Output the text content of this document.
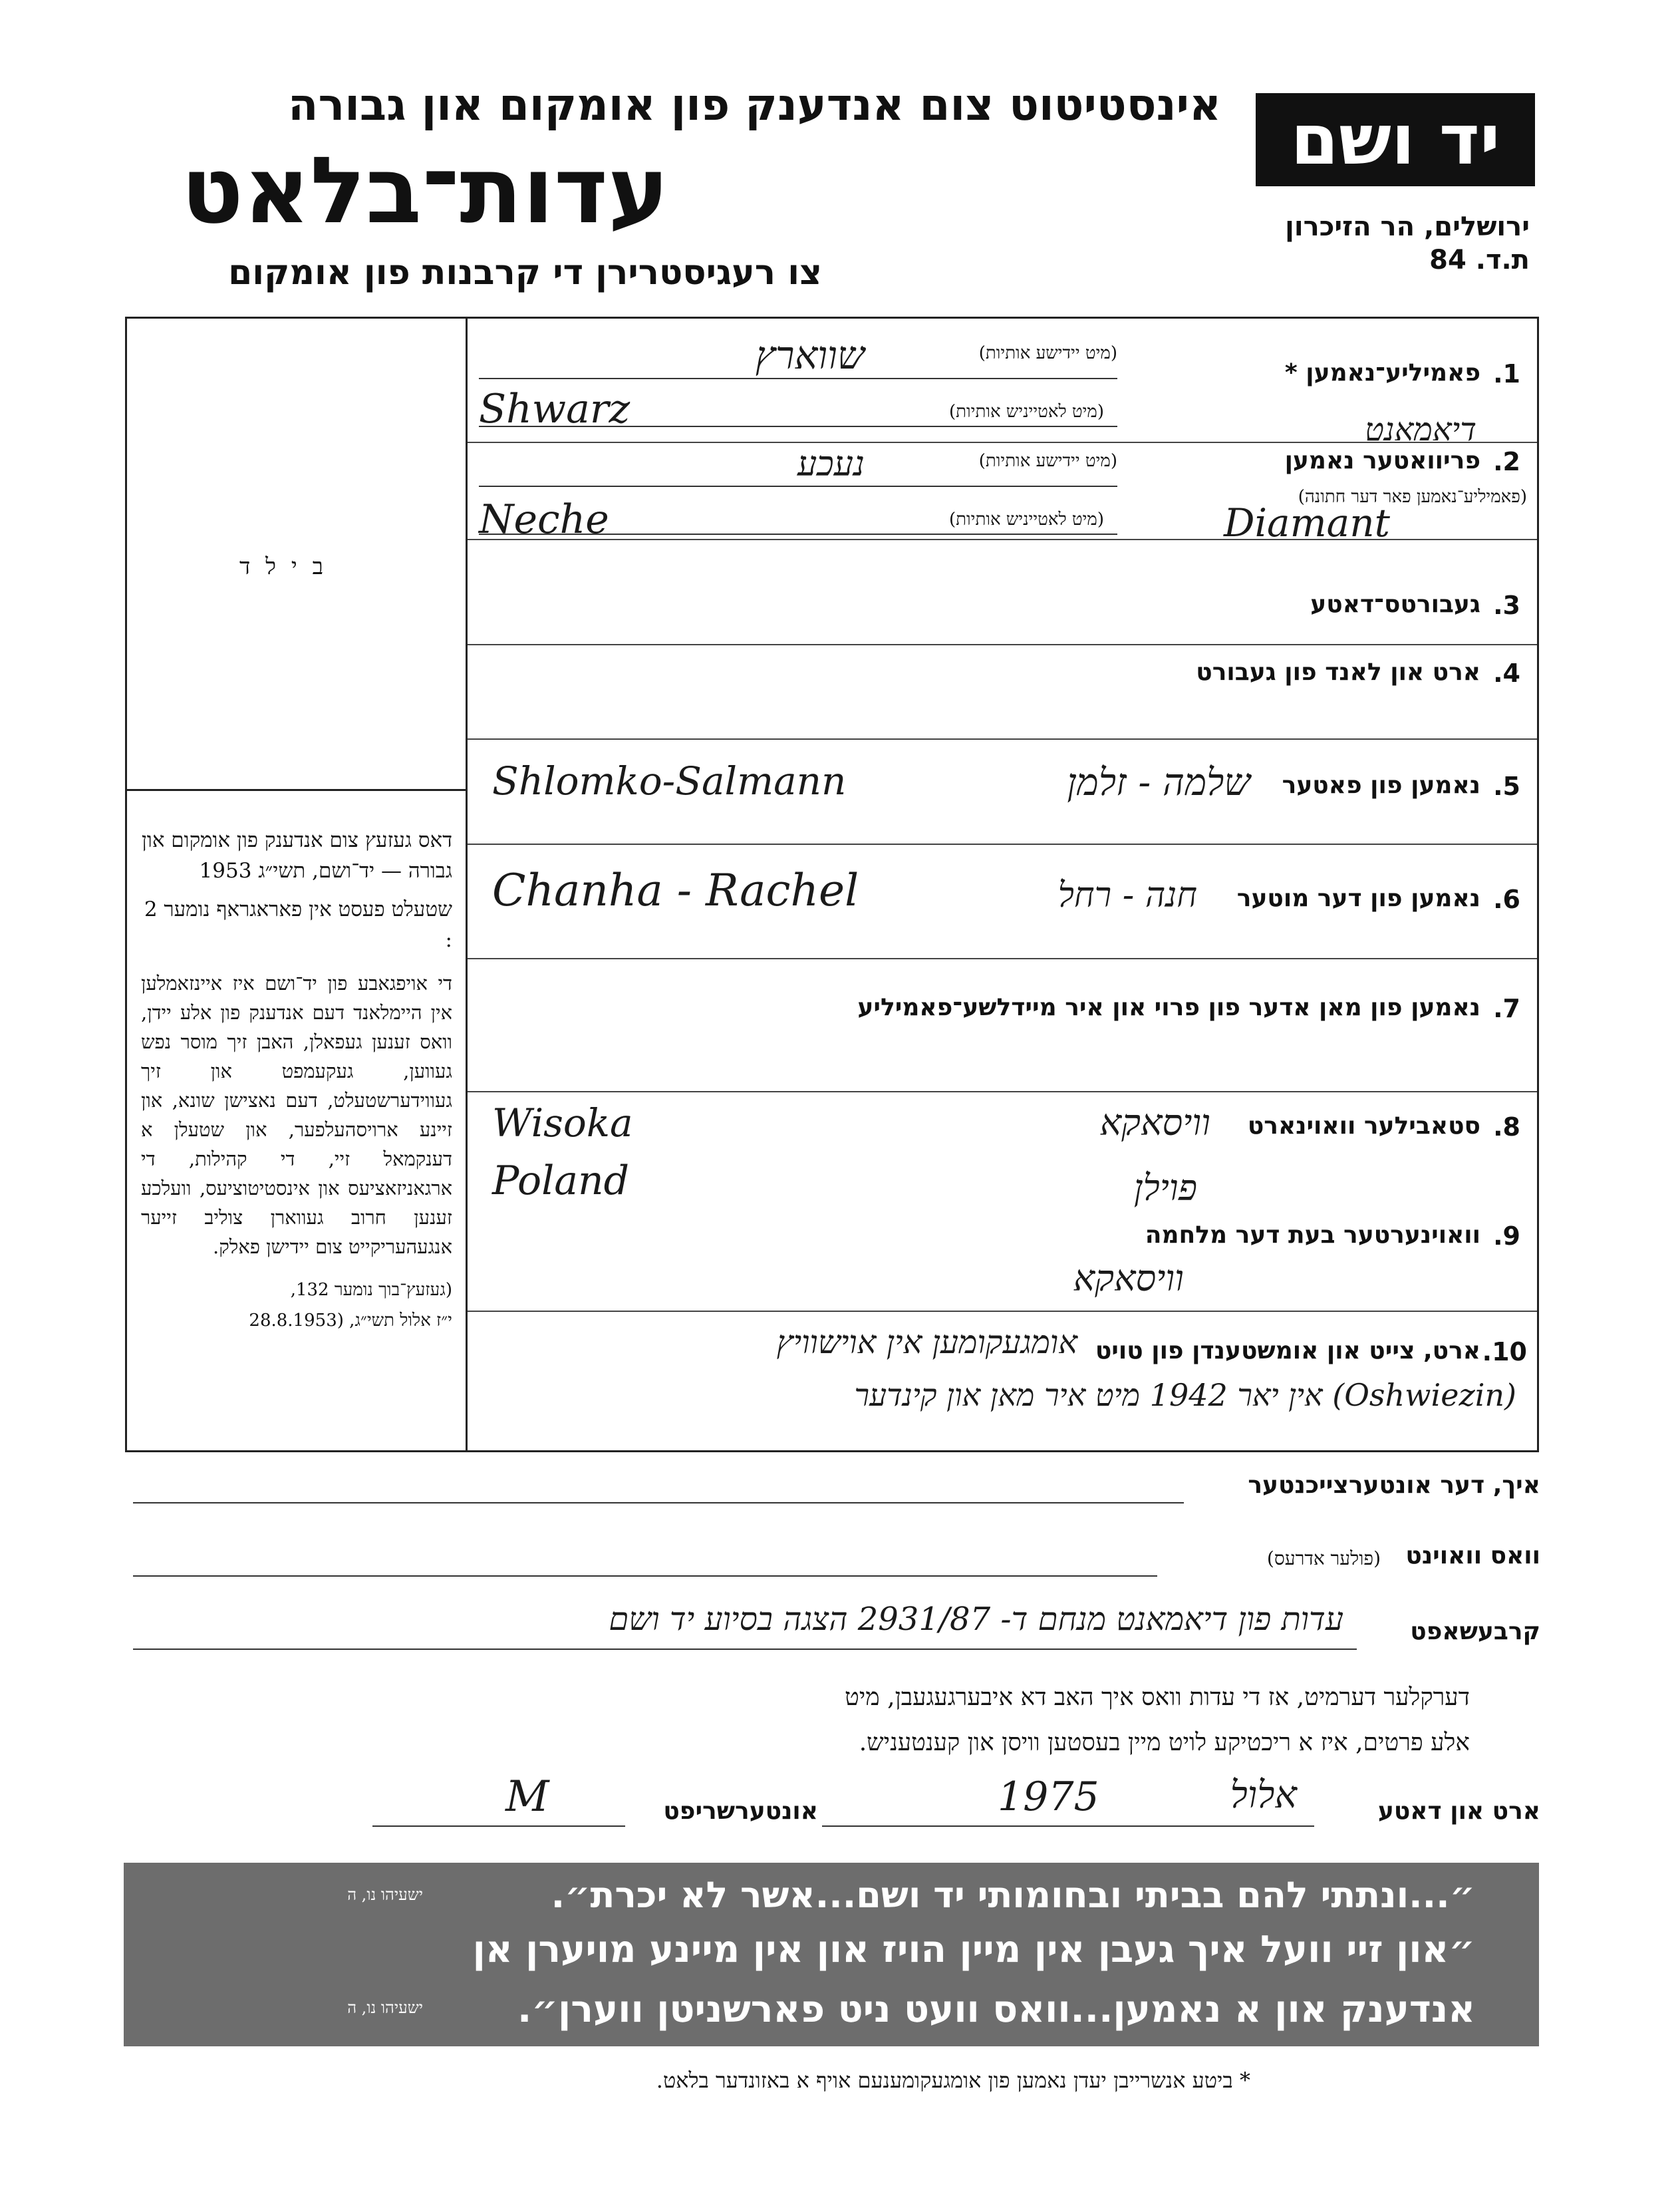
אינסטיטוט צום אנדענק פון אומקום און גבורה
עדות־בלאט
צו רעגיסטרירן די קרבנות פון אומקום
יד ושם
ירושלים, הר הזיכרון
ת.ד. 84
ב י ל ד
דאס געזעץ צום אנדענק פון אומקום און גבורה — יד־ושם, תשי״ג 1953
שטעלט פעסט אין פאראגראף נומער 2 :
די אויפגאבע פון יד־ושם איז איינזאמלען אין היימלאנד דעם אנדענק פון אלע יידן, וואס זענען געפאלן, האבן זיך מוסר נפש געווען, געקעמפט און זיך געווידערשטעלט, דעם נאצישן שונא, און זיינע ארויסהעלפער, און שטעלן א דענקמאל זיי, די קהילות, די ארגאניזאציעס און אינסטיטוציעס, וועלכע זענען חרוב געווארן צוליב זייער אנגעהעריקייט צום יידישן פאלק.
(געזעץ־בוך נומער 132,
י״ז אלול תשי״ג, (28.8.1953
1.
פאמיליע־נאמען *
(מיט יידישע אותיות)
(מיט לאטייניש אותיות)
שווארץ
Shwarz
2.
פריוואטער נאמען
(פאמיליע־נאמען פאר דער חתונה)
דיאמאנט
Diamant
(מיט יידישע אותיות)
(מיט לאטייניש אותיות)
נעכע
Neche
3.
געבורטס־דאטע
4.
ארט און לאנד פון געבורט
5.
נאמען פון פאטער
שלמה - זלמן
Shlomko-Salmann
6.
נאמען פון דער מוטער
חנה - רחל
Chanha - Rachel
7.
נאמען פון מאן אדער פון פרוי און איר מיידלשע־פאמיליע
8.
סטאבילער וואוינארט
וויסאקא
Wisoka
פוילן
Poland
9.
וואוינערטער בעת דער מלחמה
וויסאקא
10.
ארט, צייט און אומשטענדן פון טויט
אומגעקומען אין אוישוויץ
(Oshwiezin) אין יאר 1942 מיט איר מאן און קינדער
איך, דער אונטערצייכנטער
וואס וואוינט
(פולער אדרעס)
קרבעשאפט
עדות פון דיאמאנט מנחם ד- 2931/87 הצגה בסיוע יד ושם
דערקלער דערמיט, אז די עדות וואס איך האב דא איבערגעגעבן, מיט
אלע פרטים, איז א ריכטיקע לויט מיין בעסטען וויסן און קענטעניש.
ארט און דאטע
1975	אלול
אונטערשריפט
M
״...ונתתי להם בביתי ובחומותי יד ושם...אשר לא יכרת״.
ישעיהו נו, ה
״און זיי וועל איך געבן אין מיין הויז און אין מיינע מויערן אן
אנדענק און א נאמען...וואס וועט ניט פארשניטן ווערן״.
ישעיהו נו, ה
* ביטע אנשרייבן יעדן נאמען פון אומגעקומענעם אויף א באזונדער בלאט.
